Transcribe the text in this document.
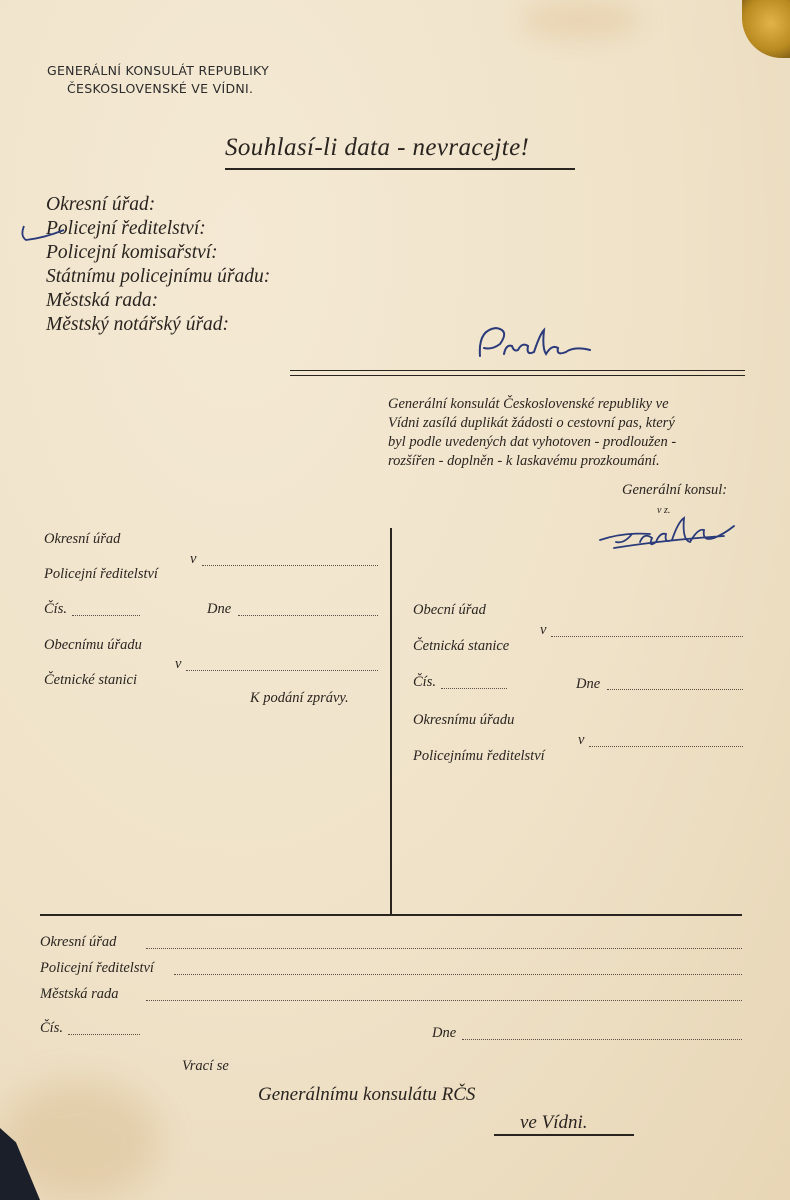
GENERÁLNÍ KONSULÁT REPUBLIKY
ČESKOSLOVENSKÉ VE VÍDNI.
Souhlasí-li data - nevracejte!
Okresní úřad:
Policejní ředitelství:
Policejní komisařství:
Státnímu policejnímu úřadu:
Městská rada:
Městský notářský úřad:
Generální konsulát Československé republiky ve
Vídni zasílá duplikát žádosti o cestovní pas, který
byl podle uvedených dat vyhotoven - prodloužen -
rozšířen - doplněn - k laskavému prozkoumání.
Generální konsul:
v z.
Okresní úřad
v
Policejní ředitelství
Čís.	Dne
Obecnímu úřadu
v
Četnické stanici
K podání zprávy.
Obecní úřad
v
Četnická stanice
Čís.	Dne
Okresnímu úřadu
v
Policejnímu ředitelství
Okresní úřad
Policejní ředitelství
Městská rada
Čís.	Dne
Vrací se
Generálnímu konsulátu RČS
ve Vídni.
